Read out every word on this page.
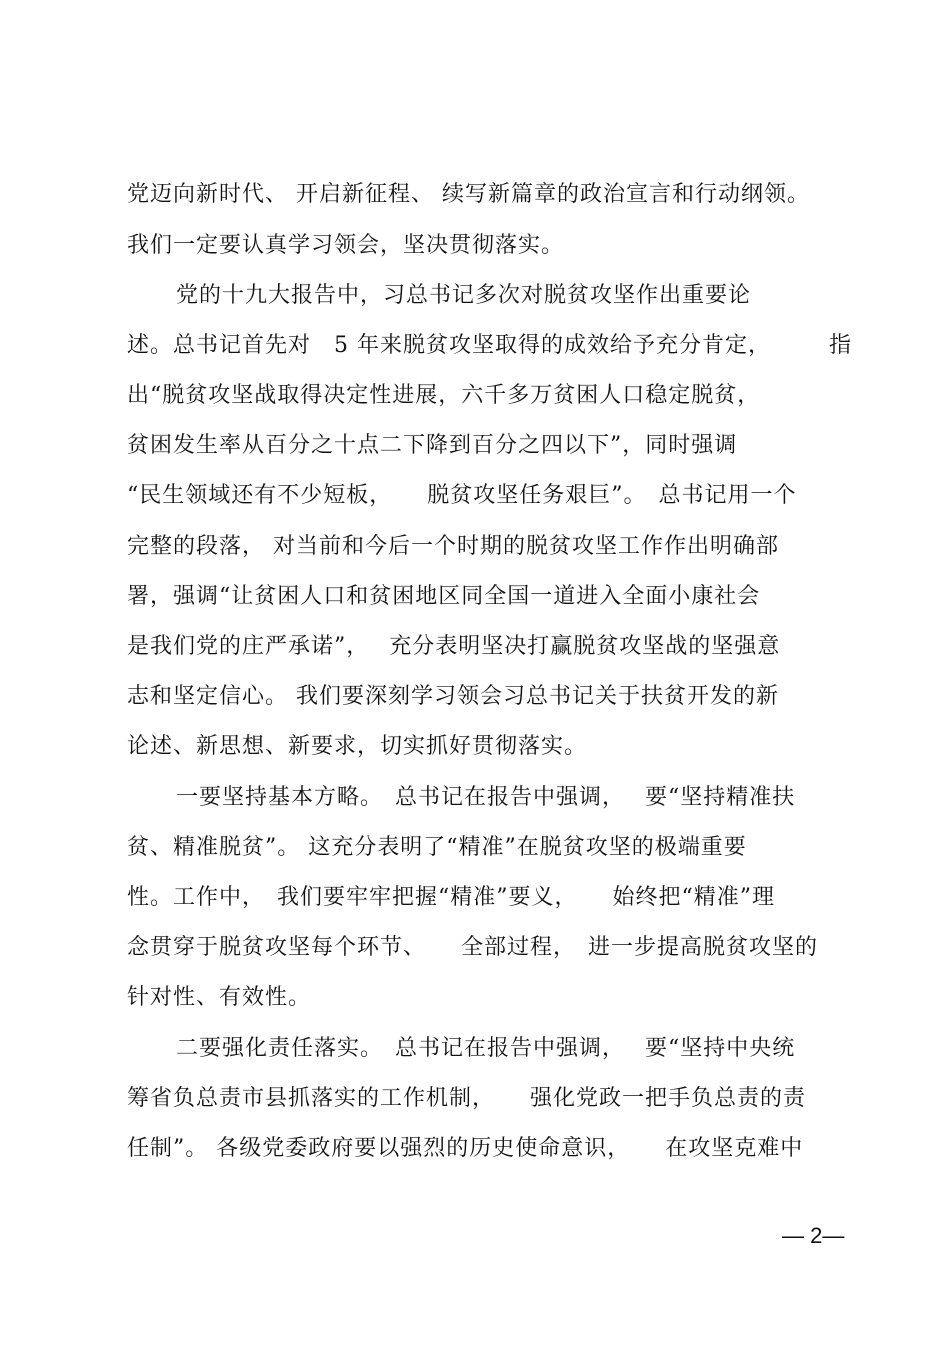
党迈向新时代、 开启新征程、 续写新篇章的政治宣言和行动纲领。
我们一定要认真学习领会，坚决贯彻落实。
党的十九大报告中，习总书记多次对脱贫攻坚作出重要论
述。总书记首先对　5 年来脱贫攻坚取得的成效给予充分肯定，　　　指
出“脱贫攻坚战取得决定性进展，六千多万贫困人口稳定脱贫，
贫困发生率从百分之十点二下降到百分之四以下”，同时强调
“民生领域还有不少短板，　　脱贫攻坚任务艰巨”。　总书记用一个
完整的段落， 对当前和今后一个时期的脱贫攻坚工作作出明确部
署，强调“让贫困人口和贫困地区同全国一道进入全面小康社会
是我们党的庄严承诺”，　 充分表明坚决打赢脱贫攻坚战的坚强意
志和坚定信心。 我们要深刻学习领会习总书记关于扶贫开发的新
论述、新思想、新要求，切实抓好贯彻落实。
一要坚持基本方略。　总书记在报告中强调，　 要“坚持精准扶
贫、精准脱贫”。 这充分表明了“精准”在脱贫攻坚的极端重要
性。工作中，　我们要牢牢把握“精准”要义，　　始终把“精准”理
念贯穿于脱贫攻坚每个环节、　　全部过程，　进一步提高脱贫攻坚的
针对性、有效性。
二要强化责任落实。　总书记在报告中强调，　 要“坚持中央统
筹省负总责市县抓落实的工作机制，　　强化党政一把手负总责的责
任制”。 各级党委政府要以强烈的历史使命意识，　　在攻坚克难中
— 2—
